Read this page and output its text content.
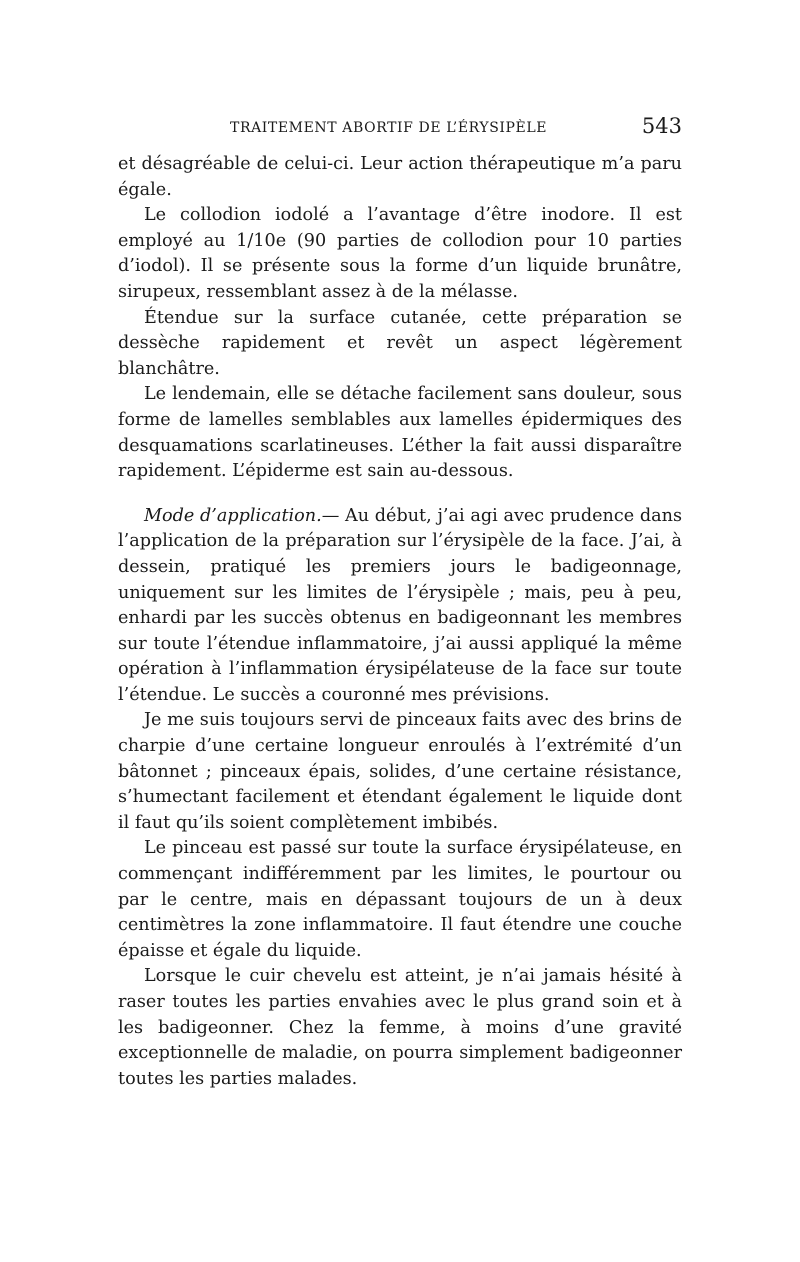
TRAITEMENT ABORTIF DE L’ÉRYSIPÈLE	543

et désagréable de celui-ci. Leur action thérapeutique m’a paru égale.

Le collodion iodolé a l’avantage d’être inodore. Il est employé au 1/10e (90 parties de collodion pour 10 parties d’iodol). Il se présente sous la forme d’un liquide brunâtre, sirupeux, ressemblant assez à de la mélasse.

Étendue sur la surface cutanée, cette préparation se dessèche rapidement et revêt un aspect légèrement blanchâtre.

Le lendemain, elle se détache facilement sans douleur, sous forme de lamelles semblables aux lamelles épidermiques des desquamations scarlatineuses. L’éther la fait aussi disparaître rapidement. L’épiderme est sain au-dessous.

Mode d’application.— Au début, j’ai agi avec prudence dans l’application de la préparation sur l’érysipèle de la face. J’ai, à dessein, pratiqué les premiers jours le badigeonnage, uniquement sur les limites de l’érysipèle ; mais, peu à peu, enhardi par les succès obtenus en badigeonnant les membres sur toute l’étendue inflammatoire, j’ai aussi appliqué la même opération à l’inflammation érysipélateuse de la face sur toute l’étendue. Le succès a couronné mes prévisions.

Je me suis toujours servi de pinceaux faits avec des brins de charpie d’une certaine longueur enroulés à l’extrémité d’un bâtonnet ; pinceaux épais, solides, d’une certaine résistance, s’humectant facilement et étendant également le liquide dont il faut qu’ils soient complètement imbibés.

Le pinceau est passé sur toute la surface érysipélateuse, en commençant indifféremment par les limites, le pourtour ou par le centre, mais en dépassant toujours de un à deux centimètres la zone inflammatoire. Il faut étendre une couche épaisse et égale du liquide.

Lorsque le cuir chevelu est atteint, je n’ai jamais hésité à raser toutes les parties envahies avec le plus grand soin et à les badigeonner. Chez la femme, à moins d’une gravité exceptionnelle de maladie, on pourra simplement badigeonner toutes les parties malades.
